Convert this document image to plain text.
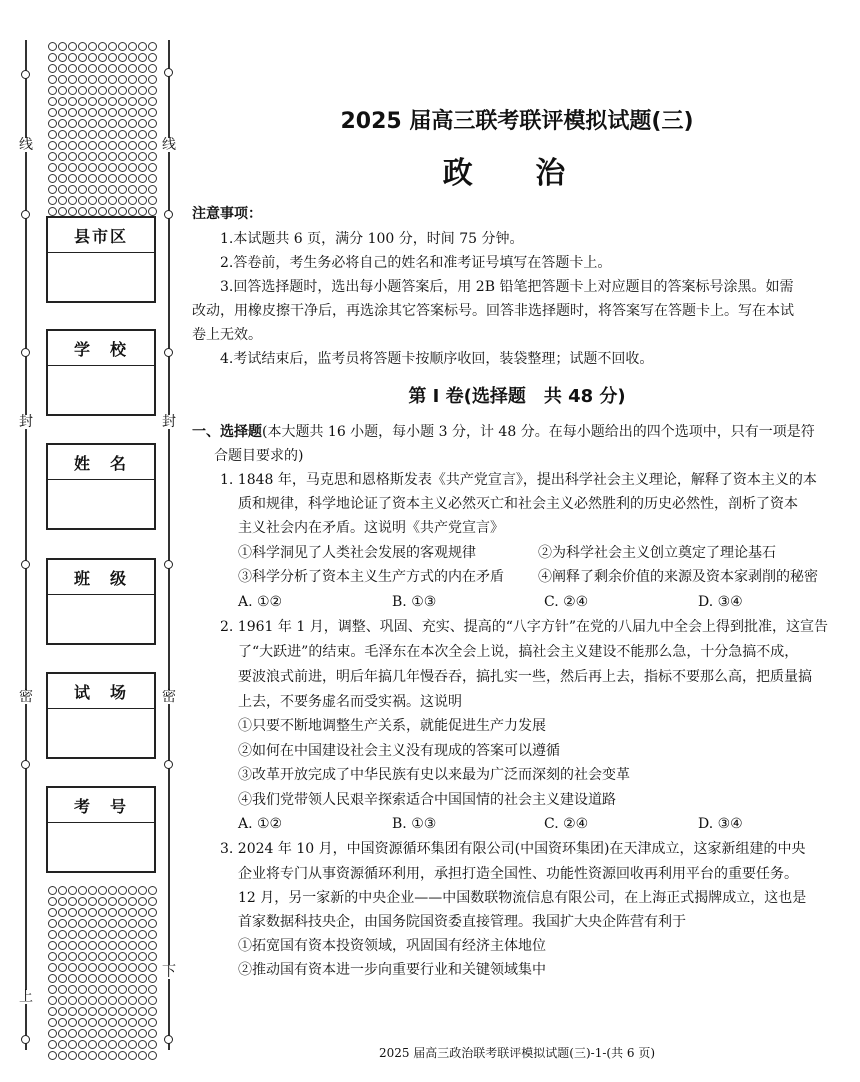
线	线
封	封
密	密
上
下
县市区
学　校
姓　名
班　级
试　场
考　号
2025 届高三联考联评模拟试题(三)
政 治
注意事项：
1.本试题共 6 页，满分 100 分，时间 75 分钟。
2.答卷前，考生务必将自己的姓名和准考证号填写在答题卡上。
3.回答选择题时，选出每小题答案后，用 2B 铅笔把答题卡上对应题目的答案标号涂黑。如需
改动，用橡皮擦干净后，再选涂其它答案标号。回答非选择题时，将答案写在答题卡上。写在本试
卷上无效。
4.考试结束后，监考员将答题卡按顺序收回，装袋整理；试题不回收。
第 Ⅰ 卷(选择题　共 48 分)
一、选择题(本大题共 16 小题，每小题 3 分，计 48 分。在每小题给出的四个选项中，只有一项是符
合题目要求的)
1. 1848 年，马克思和恩格斯发表《共产党宣言》，提出科学社会主义理论，解释了资本主义的本
质和规律，科学地论证了资本主义必然灭亡和社会主义必然胜利的历史必然性，剖析了资本
主义社会内在矛盾。这说明《共产党宣言》
①科学洞见了人类社会发展的客观规律	②为科学社会主义创立奠定了理论基石
③科学分析了资本主义生产方式的内在矛盾 ④阐释了剩余价值的来源及资本家剥削的秘密
A. ①②	B. ①③	C. ②④	D. ③④
2. 1961 年 1 月，调整、巩固、充实、提高的“八字方针”在党的八届九中全会上得到批准，这宣告
了“大跃进”的结束。毛泽东在本次全会上说，搞社会主义建设不能那么急，十分急搞不成，
要波浪式前进，明后年搞几年慢吞吞，搞扎实一些，然后再上去，指标不要那么高，把质量搞
上去，不要务虚名而受实祸。这说明
①只要不断地调整生产关系，就能促进生产力发展
②如何在中国建设社会主义没有现成的答案可以遵循
③改革开放完成了中华民族有史以来最为广泛而深刻的社会变革
④我们党带领人民艰辛探索适合中国国情的社会主义建设道路
A. ①②	B. ①③	C. ②④	D. ③④
3. 2024 年 10 月，中国资源循环集团有限公司(中国资环集团)在天津成立，这家新组建的中央
企业将专门从事资源循环利用，承担打造全国性、功能性资源回收再利用平台的重要任务。
12 月，另一家新的中央企业——中国数联物流信息有限公司，在上海正式揭牌成立，这也是
首家数据科技央企，由国务院国资委直接管理。我国扩大央企阵营有利于
①拓宽国有资本投资领域，巩固国有经济主体地位
②推动国有资本进一步向重要行业和关键领域集中
2025 届高三政治联考联评模拟试题(三)-1-(共 6 页)
